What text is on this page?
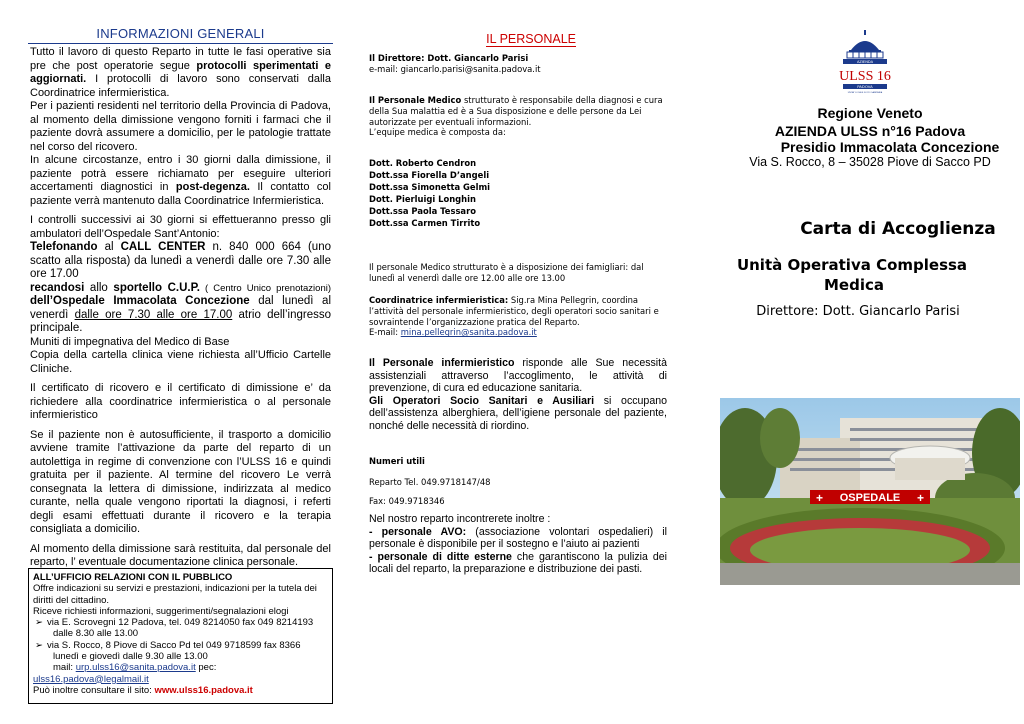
INFORMAZIONI GENERALI

Tutto il lavoro di questo Reparto in tutte le fasi operative sia pre che post operatorie segue protocolli sperimentati e aggiornati. I protocolli di lavoro sono conservati dalla Coordinatrice infermieristica.

Per i pazienti residenti nel territorio della Provincia di Padova, al momento della dimissione vengono forniti i farmaci che il paziente dovrà assumere a domicilio, per le patologie trattate nel corso del ricovero.

In alcune circostanze, entro i 30 giorni dalla dimissione, il paziente potrà essere richiamato per eseguire ulteriori accertamenti diagnostici in post-degenza. Il contatto col paziente verrà mantenuto dalla Coordinatrice Infermieristica.

I controlli successivi ai 30 giorni si effettueranno presso gli ambulatori dell’Ospedale Sant’Antonio:

Telefonando al CALL CENTER n. 840 000 664 (uno scatto alla risposta) da lunedì a venerdì dalle ore 7.30 alle ore 17.00

recandosi allo sportello C.U.P. ( Centro Unico prenotazioni) dell’Ospedale Immacolata Concezione dal lunedì al venerdì dalle ore 7.30 alle ore 17.00 atrio dell’ingresso principale.

Muniti di impegnativa del Medico di Base

Copia della cartella clinica viene richiesta all’Ufficio Cartelle Cliniche.

Il certificato di ricovero e il certificato di dimissione e’ da richiedere alla coordinatrice infermieristica o al personale infermieristico

Se il paziente non è autosufficiente, il trasporto a domicilio avviene tramite l’attivazione da parte del reparto di un autolettiga in regime di convenzione con l’ULSS 16 e quindi gratuita per il paziente. Al termine del ricovero Le verrà consegnata la lettera di dimissione, indirizzata al medico curante, nella quale vengono riportati la diagnosi, i referti degli esami effettuati durante il ricovero e la terapia consigliata a domicilio.

Al momento della dimissione sarà restituita, dal personale del reparto, l’ eventuale documentazione clinica personale.

ALL’UFFICIO RELAZIONI CON IL PUBBLICO
Offre indicazioni su servizi e prestazioni, indicazioni per la tutela dei diritti del cittadino.
Riceve richiesti informazioni, suggerimenti/segnalazioni elogi
➢ via E. Scrovegni 12 Padova, tel. 049 8214050 fax 049 8214193
dalle 8.30 alle 13.00
➢ via S. Rocco, 8 Piove di Sacco Pd tel 049 9718599 fax 8366
lunedì e giovedì dalle 9.30 alle 13.00
mail: urp.ulss16@sanita.padova.it pec:
ulss16.padova@legalmail.it
Può inoltre consultare il sito: www.ulss16.padova.it
IL PERSONALE
Il Direttore: Dott. Giancarlo Parisi
e-mail: giancarlo.parisi@sanita.padova.it
Il Personale Medico strutturato è responsabile della diagnosi e cura della Sua malattia ed è a Sua disposizione e delle persone da Lei autorizzate per eventuali informazioni.
L’equipe medica è composta da:
Dott. Roberto Cendron
Dott.ssa Fiorella D’angeli
Dott.ssa Simonetta Gelmi
Dott. Pierluigi Longhin
Dott.ssa Paola Tessaro
Dott.ssa Carmen Tirrito
Il personale Medico strutturato è a disposizione dei famigliari: dal lunedì al venerdì dalle ore 12.00 alle ore 13.00
Coordinatrice infermieristica: Sig.ra Mina Pellegrin, coordina l’attività del personale infermieristico, degli operatori socio sanitari e sovraintende l’organizzazione pratica del Reparto.
E-mail: mina.pellegrin@sanita.padova.it
Il Personale infermieristico risponde alle Sue necessità assistenziali attraverso l’accoglimento, le attività di prevenzione, di cura ed educazione sanitaria.
Gli Operatori Socio Sanitari e Ausiliari si occupano dell’assistenza alberghiera, dell’igiene personale del paziente, nonché delle necessità di riordino.
Numeri utili
Reparto Tel. 049.9718147/48
Fax: 049.9718346
Nel nostro reparto incontrerete inoltre :
- personale AVO: (associazione volontari ospedalieri) il personale è disponibile per il sostegno e l’aiuto ai pazienti
- personale di ditte esterne che garantiscono la pulizia dei locali del reparto, la preparazione e distribuzione dei pasti.
AZIENDA
ULSS 16
PADOVA
UNITA' LOCALE SOCIO SANITARIA
Regione Veneto
AZIENDA ULSS n°16 Padova
Presidio Immacolata Concezione
Via S. Rocco, 8 – 35028 Piove di Sacco PD
Carta di Accoglienza
Unità Operativa Complessa
Medica
Direttore: Dott. Giancarlo Parisi
OSPEDALE
+	+
